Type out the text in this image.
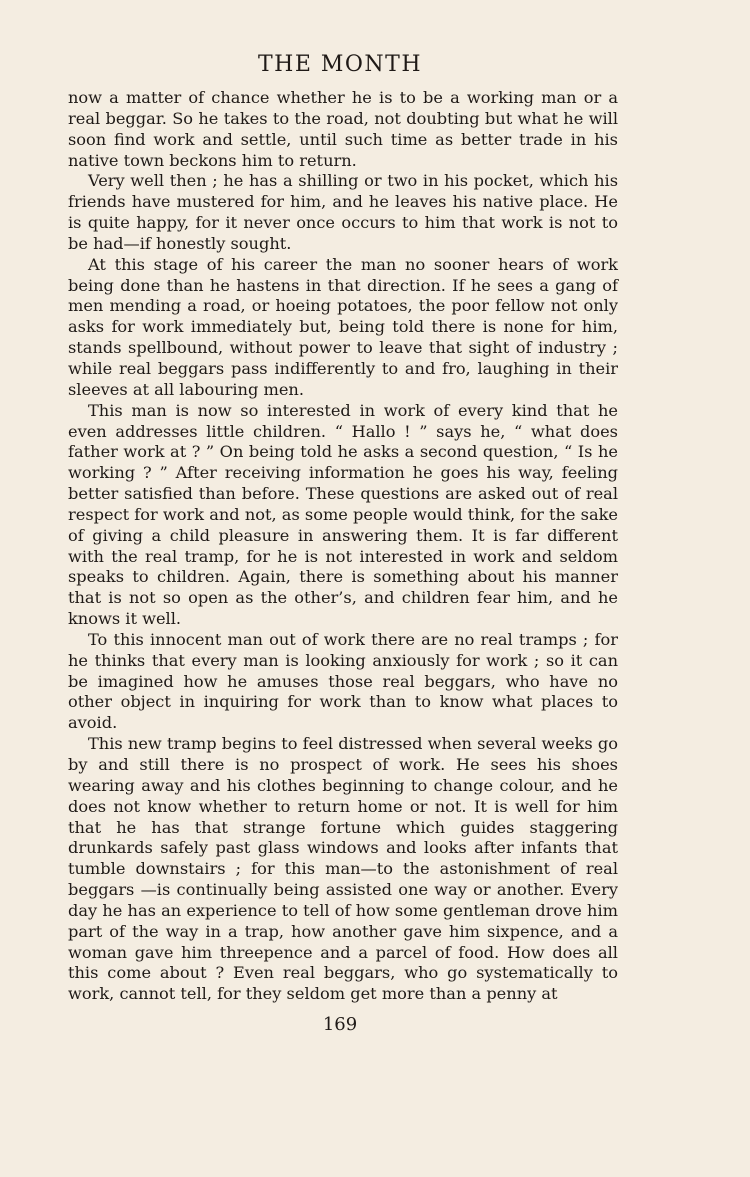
THE MONTH

now a matter of chance whether he is to be a working man or a real beggar. So he takes to the road, not doubting but what he will soon find work and settle, until such time as better trade in his native town beckons him to return.

Very well then ; he has a shilling or two in his pocket, which his friends have mustered for him, and he leaves his native place. He is quite happy, for it never once occurs to him that work is not to be had—if honestly sought.

At this stage of his career the man no sooner hears of work being done than he hastens in that direction. If he sees a gang of men mending a road, or hoeing potatoes, the poor fellow not only asks for work immediately but, being told there is none for him, stands spellbound, without power to leave that sight of industry ; while real beggars pass indifferently to and fro, laughing in their sleeves at all labouring men.

This man is now so interested in work of every kind that he even addresses little children. “ Hallo ! ” says he, “ what does father work at ? ” On being told he asks a second question, “ Is he working ? ” After receiving information he goes his way, feeling better satisfied than before. These questions are asked out of real respect for work and not, as some people would think, for the sake of giving a child pleasure in answering them. It is far different with the real tramp, for he is not interested in work and seldom speaks to children. Again, there is something about his manner that is not so open as the other’s, and children fear him, and he knows it well.

To this innocent man out of work there are no real tramps ; for he thinks that every man is looking anxiously for work ; so it can be imagined how he amuses those real beggars, who have no other object in inquiring for work than to know what places to avoid.

This new tramp begins to feel distressed when several weeks go by and still there is no prospect of work. He sees his shoes wearing away and his clothes beginning to change colour, and he does not know whether to return home or not. It is well for him that he has that strange fortune which guides staggering drunkards safely past glass windows and looks after infants that tumble downstairs ; for this man—to the astonishment of real beggars —is continually being assisted one way or another. Every day he has an experience to tell of how some gentleman drove him part of the way in a trap, how another gave him sixpence, and a woman gave him threepence and a parcel of food. How does all this come about ? Even real beggars, who go systematically to work, cannot tell, for they seldom get more than a penny at

169
